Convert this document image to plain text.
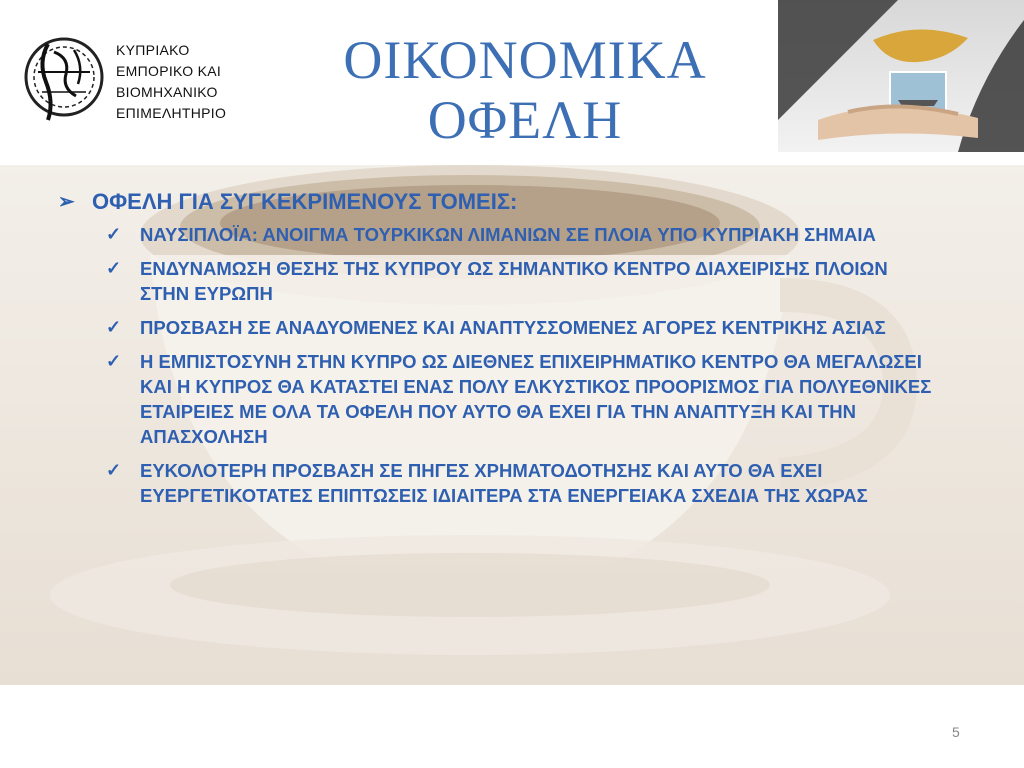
ΚΥΠΡΙΑΚΟ
ΕΜΠΟΡΙΚΟ ΚΑΙ
ΒΙΟΜΗΧΑΝΙΚΟ
ΕΠΙΜΕΛΗΤΗΡΙΟ
ΟΙΚΟΝΟΜΙΚΑ
ΟΦΕΛΗ
➢ ΟΦΕΛΗ ΓΙΑ ΣΥΓΚΕΚΡΙΜΕΝΟΥΣ ΤΟΜΕΙΣ:
✓	ΝΑΥΣΙΠΛΟΪΑ: ΑΝΟΙΓΜΑ ΤΟΥΡΚΙΚΩΝ ΛΙΜΑΝΙΩΝ ΣΕ ΠΛΟΙΑ ΥΠΟ ΚΥΠΡΙΑΚΗ ΣΗΜΑΙΑ
✓	ΕΝΔΥΝΑΜΩΣΗ ΘΕΣΗΣ ΤΗΣ ΚΥΠΡΟΥ ΩΣ ΣΗΜΑΝΤΙΚΟ ΚΕΝΤΡΟ ΔΙΑΧΕΙΡΙΣΗΣ ΠΛΟΙΩΝ ΣΤΗΝ ΕΥΡΩΠΗ
✓	ΠΡΟΣΒΑΣΗ ΣΕ ΑΝΑΔΥΟΜΕΝΕΣ ΚΑΙ ΑΝΑΠΤΥΣΣΟΜΕΝΕΣ ΑΓΟΡΕΣ ΚΕΝΤΡΙΚΗΣ ΑΣΙΑΣ
✓	Η ΕΜΠΙΣΤΟΣΥΝΗ ΣΤΗΝ ΚΥΠΡΟ ΩΣ ΔΙΕΘΝΕΣ ΕΠΙΧΕΙΡΗΜΑΤΙΚΟ ΚΕΝΤΡΟ ΘΑ ΜΕΓΑΛΩΣΕΙ ΚΑΙ Η ΚΥΠΡΟΣ ΘΑ ΚΑΤΑΣΤΕΙ ΕΝΑΣ ΠΟΛΥ ΕΛΚΥΣΤΙΚΟΣ ΠΡΟΟΡΙΣΜΟΣ ΓΙΑ ΠΟΛΥΕΘΝΙΚΕΣ ΕΤΑΙΡΕΙΕΣ ΜΕ ΟΛΑ ΤΑ ΟΦΕΛΗ ΠΟΥ ΑΥΤΟ ΘΑ ΕΧΕΙ ΓΙΑ ΤΗΝ ΑΝΑΠΤΥΞΗ ΚΑΙ ΤΗΝ ΑΠΑΣΧΟΛΗΣΗ
✓	ΕΥΚΟΛΟΤΕΡΗ ΠΡΟΣΒΑΣΗ ΣΕ ΠΗΓΕΣ ΧΡΗΜΑΤΟΔΟΤΗΣΗΣ ΚΑΙ ΑΥΤΟ ΘΑ ΕΧΕΙ ΕΥΕΡΓΕΤΙΚΟΤΑΤΕΣ ΕΠΙΠΤΩΣΕΙΣ ΙΔΙΑΙΤΕΡΑ ΣΤΑ ΕΝΕΡΓΕΙΑΚΑ ΣΧΕΔΙΑ ΤΗΣ ΧΩΡΑΣ
5
